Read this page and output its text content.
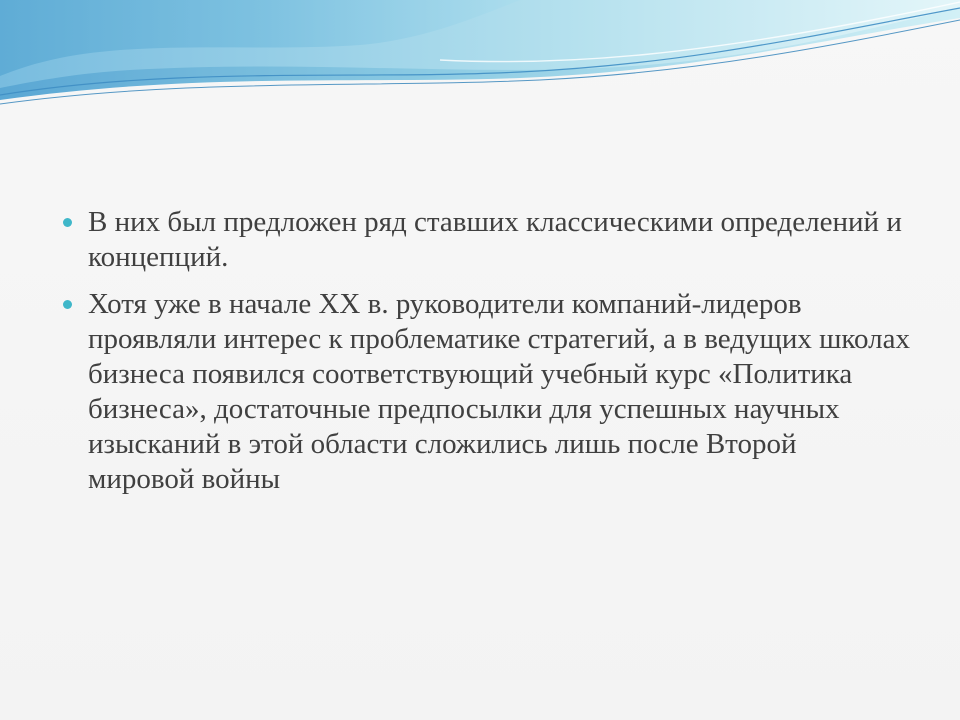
В них был предложен ряд ставших классическими определений и концепций.
Хотя уже в начале XX в. руководители компаний-лидеров проявляли интерес к проблематике стратегий, а в ведущих школах бизнеса появился соответствующий учебный курс «Политика бизнеса», достаточные предпосылки для успешных научных изысканий в этой области сложились лишь после Второй мировой войны
